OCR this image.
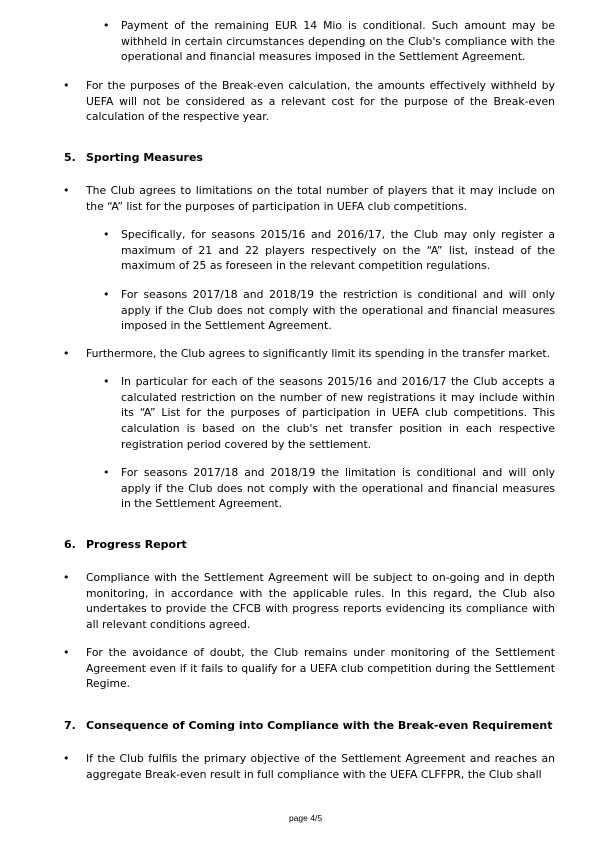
• Payment of the remaining EUR 14 Mio is conditional. Such amount may be withheld in certain circumstances depending on the Club's compliance with the operational and financial measures imposed in the Settlement Agreement.
• For the purposes of the Break-even calculation, the amounts effectively withheld by UEFA will not be considered as a relevant cost for the purpose of the Break-even calculation of the respective year.
5. Sporting Measures
• The Club agrees to limitations on the total number of players that it may include on the “A” list for the purposes of participation in UEFA club competitions.
• Specifically, for seasons 2015/16 and 2016/17, the Club may only register a maximum of 21 and 22 players respectively on the “A” list, instead of the maximum of 25 as foreseen in the relevant competition regulations.
• For seasons 2017/18 and 2018/19 the restriction is conditional and will only apply if the Club does not comply with the operational and financial measures imposed in the Settlement Agreement.
• Furthermore, the Club agrees to significantly limit its spending in the transfer market.
• In particular for each of the seasons 2015/16 and 2016/17 the Club accepts a calculated restriction on the number of new registrations it may include within its “A” List for the purposes of participation in UEFA club competitions. This calculation is based on the club's net transfer position in each respective registration period covered by the settlement.
• For seasons 2017/18 and 2018/19 the limitation is conditional and will only apply if the Club does not comply with the operational and financial measures in the Settlement Agreement.
6. Progress Report
• Compliance with the Settlement Agreement will be subject to on-going and in depth monitoring, in accordance with the applicable rules. In this regard, the Club also undertakes to provide the CFCB with progress reports evidencing its compliance with all relevant conditions agreed.
• For the avoidance of doubt, the Club remains under monitoring of the Settlement Agreement even if it fails to qualify for a UEFA club competition during the Settlement Regime.
7. Consequence of Coming into Compliance with the Break-even Requirement
• If the Club fulfils the primary objective of the Settlement Agreement and reaches an aggregate Break-even result in full compliance with the UEFA CLFFPR, the Club shall
page 4/5
